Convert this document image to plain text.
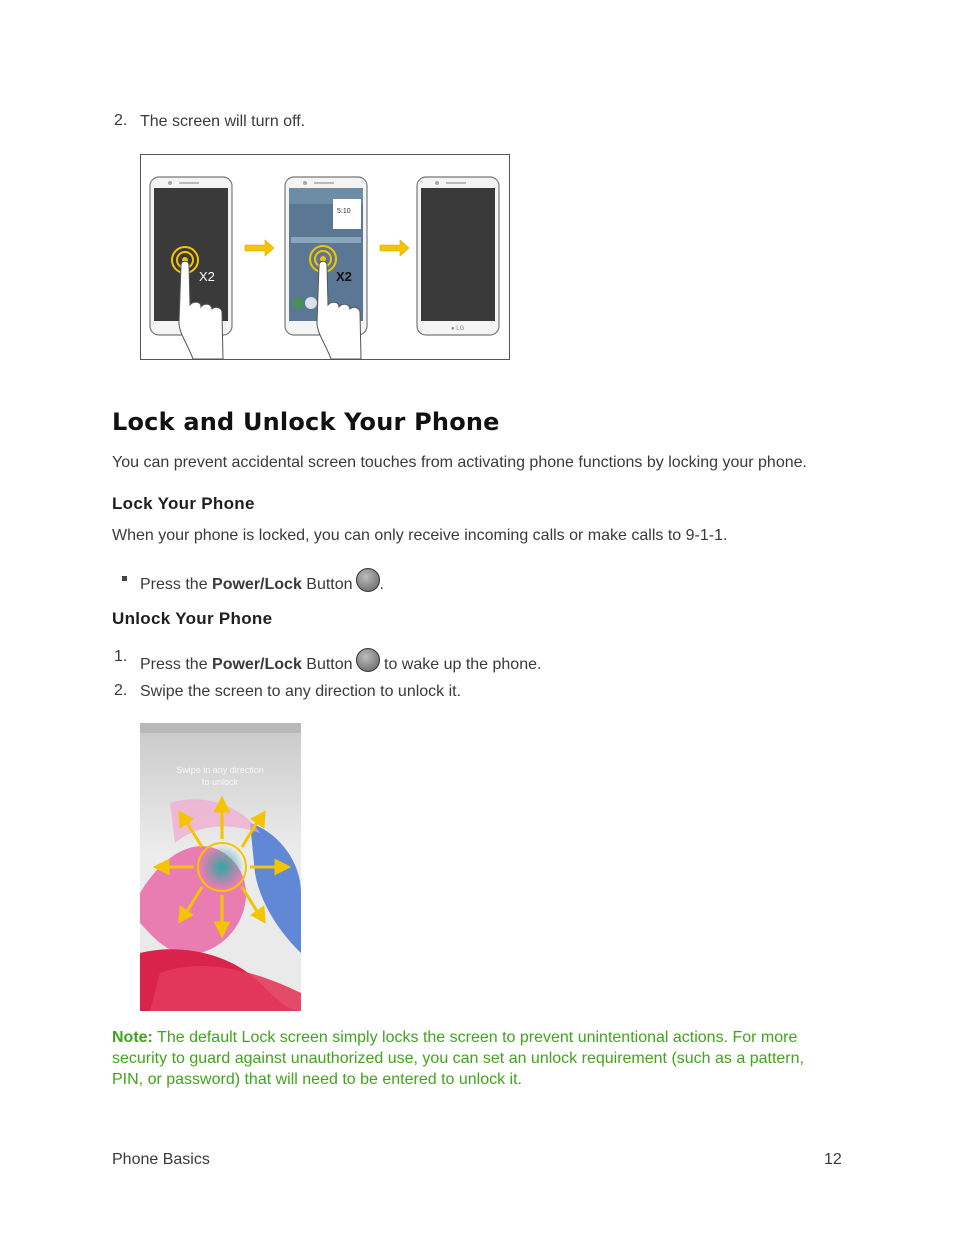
2. The screen will turn off.
5:10
● LG
X2	X2
Lock and Unlock Your Phone
You can prevent accidental screen touches from activating phone functions by locking your phone.
Lock Your Phone
When your phone is locked, you can only receive incoming calls or make calls to 9-1-1.
Press the Power/Lock Button .
Unlock Your Phone
1. Press the Power/Lock Button to wake up the phone.
2. Swipe the screen to any direction to unlock it.
Swipe in any direction
to unlock
Note: The default Lock screen simply locks the screen to prevent unintentional actions. For more security to guard against unauthorized use, you can set an unlock requirement (such as a pattern, PIN, or password) that will need to be entered to unlock it.
Phone Basics	12
